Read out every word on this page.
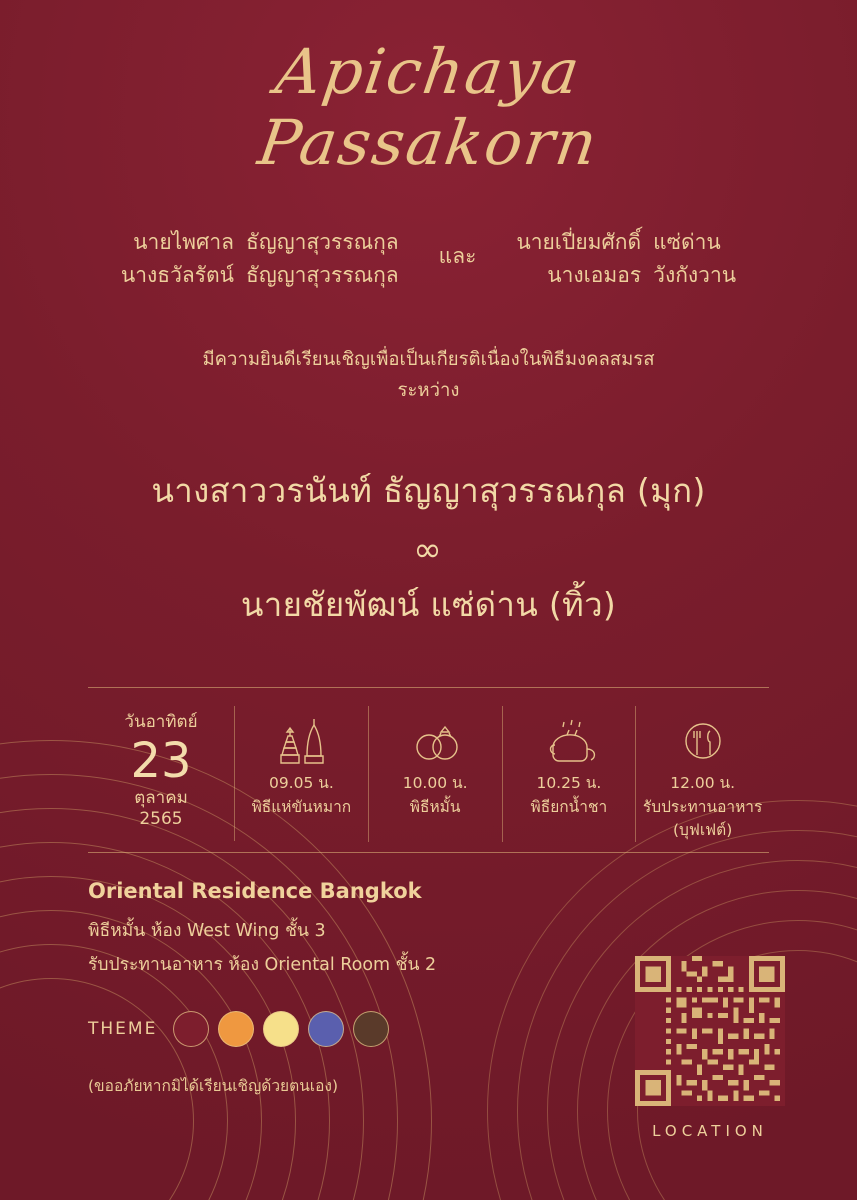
Apichaya
Passakorn
นายไพศาล
นางธวัลรัตน์
ธัญญาสุวรรณกุล
ธัญญาสุวรรณกุล
และ
นายเปี่ยมศักดิ์
นางเอมอร
แซ่ด่าน
วังกังวาน
มีความยินดีเรียนเชิญเพื่อเป็นเกียรติเนื่องในพิธีมงคลสมรส
ระหว่าง
นางสาววรนันท์ ธัญญาสุวรรณกุล (มุก)
∞
นายชัยพัฒน์ แซ่ด่าน (ทิ้ว)
วันอาทิตย์
23
ตุลาคม
2565
09.05 น.
พิธีแห่ขันหมาก
10.00 น.
พิธีหมั้น
10.25 น.
พิธียกน้ำชา
12.00 น.
รับประทานอาหาร
(บุฟเฟต์)
Oriental Residence Bangkok

พิธีหมั้น ห้อง West Wing ชั้น 3

รับประทานอาหาร ห้อง Oriental Room ชั้น 2

THEME
(ขออภัยหากมิได้เรียนเชิญด้วยตนเอง)
LOCATION
